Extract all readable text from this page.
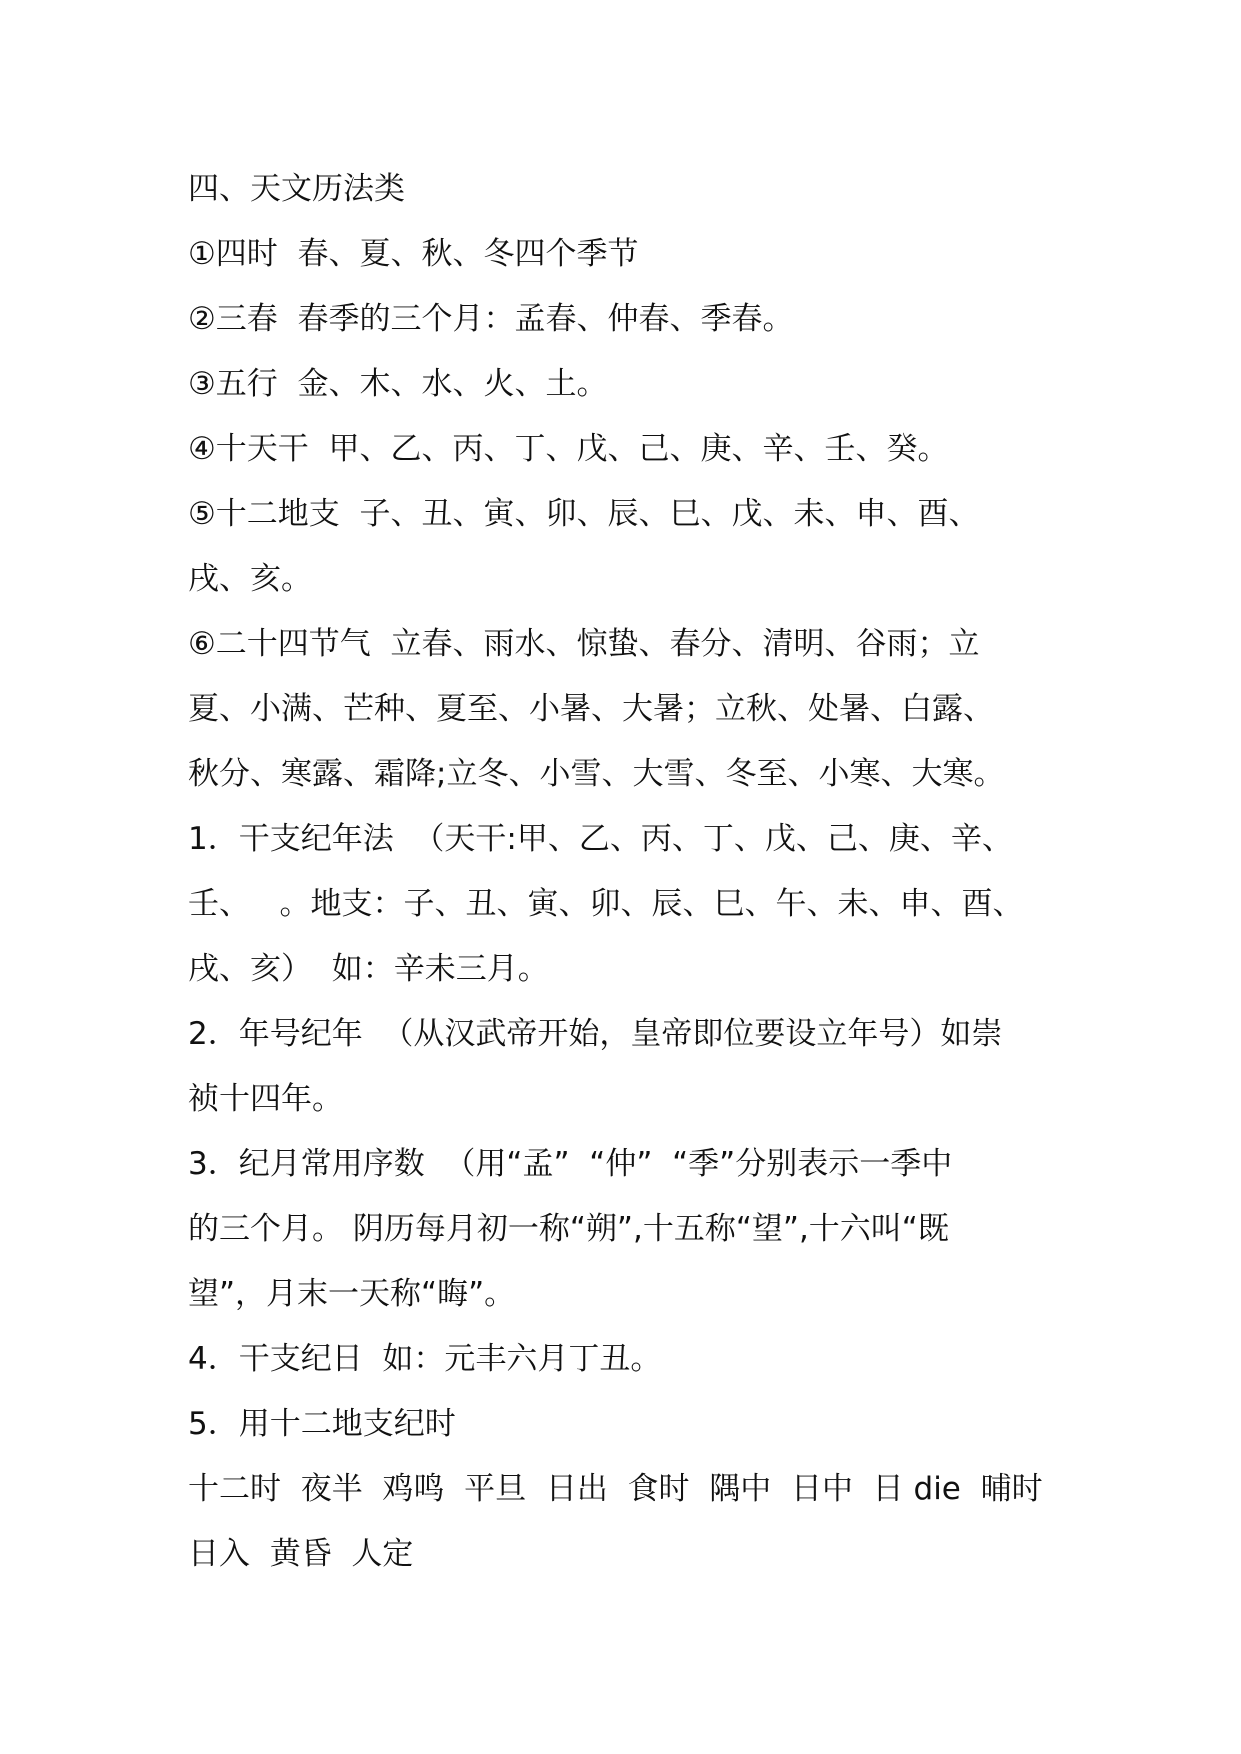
四、天文历法类
①四时  春、夏、秋、冬四个季节
②三春  春季的三个月：孟春、仲春、季春。
③五行  金、木、水、火、土。
④十天干  甲、乙、丙、丁、戊、己、庚、辛、壬、癸。
⑤十二地支  子、丑、寅、卯、辰、巳、戊、未、申、酉、
戌、亥。
⑥二十四节气  立春、雨水、惊蛰、春分、清明、谷雨；立
夏、小满、芒种、夏至、小暑、大暑；立秋、处暑、白露、
秋分、寒露、霜降;立冬、小雪、大雪、冬至、小寒、大寒。
1．干支纪年法  （天干:甲、乙、丙、丁、戊、己、庚、辛、
壬、   。地支：子、丑、寅、卯、辰、巳、午、未、申、酉、
戌、亥）  如：辛未三月。
2．年号纪年  （从汉武帝开始，皇帝即位要设立年号）如崇
祯十四年。
3．纪月常用序数  （用“孟”  “仲”  “季”分别表示一季中
的三个月。 阴历每月初一称“朔”,十五称“望”,十六叫“既
望”，月末一天称“晦”。
4．干支纪日  如：元丰六月丁丑。
5．用十二地支纪时
十二时  夜半  鸡鸣  平旦  日出  食时  隅中  日中  日 die  晡时
日入  黄昏  人定
